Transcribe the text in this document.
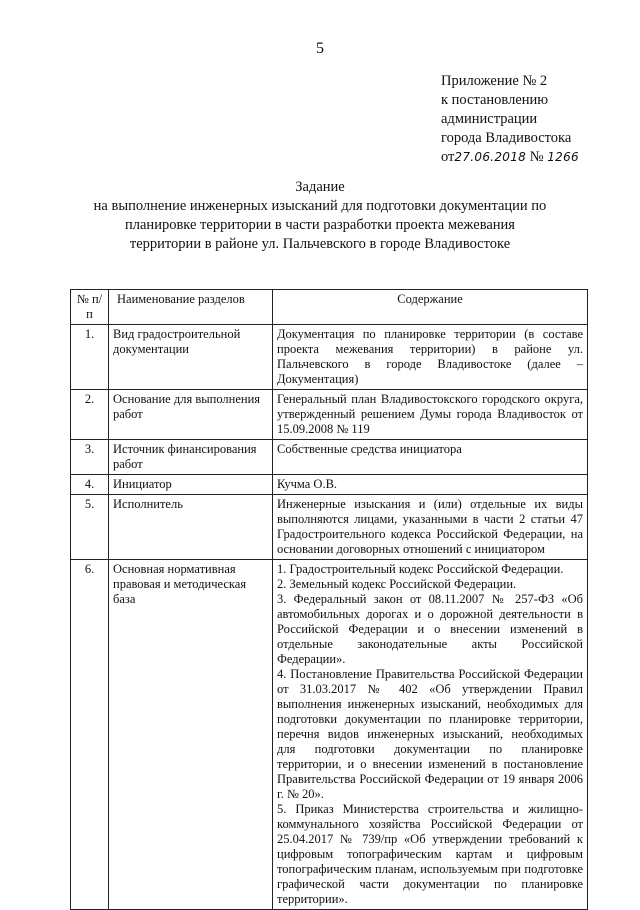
5
Приложение № 2
к постановлению
администрации
города Владивостока
от27.06.2018 № 1266
Задание
на выполнение инженерных изысканий для подготовки документации по
планировке территории в части разработки проекта межевания
территории в районе ул. Пальчевского в городе Владивостоке
№ п/п	Наименование разделов	Содержание
1.	Вид градостроительной документации	Документация по планировке территории (в составе проекта межевания территории) в районе ул. Пальчевского в городе Владивостоке (далее – Документация)

2.	Основание для выполнения работ	Генеральный план Владивостокского городского округа, утвержденный решением Думы города Владивосток от 15.09.2008 № 119

3.	Источник финансирования работ	Собственные средства инициатора

4.	Инициатор	Кучма О.В.

5.	Исполнитель	Инженерные изыскания и (или) отдельные их виды выполняются лицами, указанными в части 2 статьи 47 Градостроительного кодекса Российской Федерации, на основании договорных отношений с инициатором

6.	Основная нормативная правовая и методическая база	1. Градостроительный кодекс Российской Федерации.
2. Земельный кодекс Российской Федерации.
3. Федеральный закон от 08.11.2007 № 257-ФЗ «Об автомобильных дорогах и о дорожной деятельности в Российской Федерации и о внесении изменений в отдельные законодательные акты Российской Федерации».
4. Постановление Правительства Российской Федерации от 31.03.2017 № 402 «Об утверждении Правил выполнения инженерных изысканий, необходимых для подготовки документации по планировке территории, перечня видов инженерных изысканий, необходимых для подготовки документации по планировке территории, и о внесении изменений в постановление Правительства Российской Федерации от 19 января 2006 г. № 20».
5. Приказ Министерства строительства и жилищно-коммунального хозяйства Российской Федерации от 25.04.2017 № 739/пр «Об утверждении требований к цифровым топографическим картам и цифровым топографическим планам, используемым при подготовке графической части документации по планировке территории».
